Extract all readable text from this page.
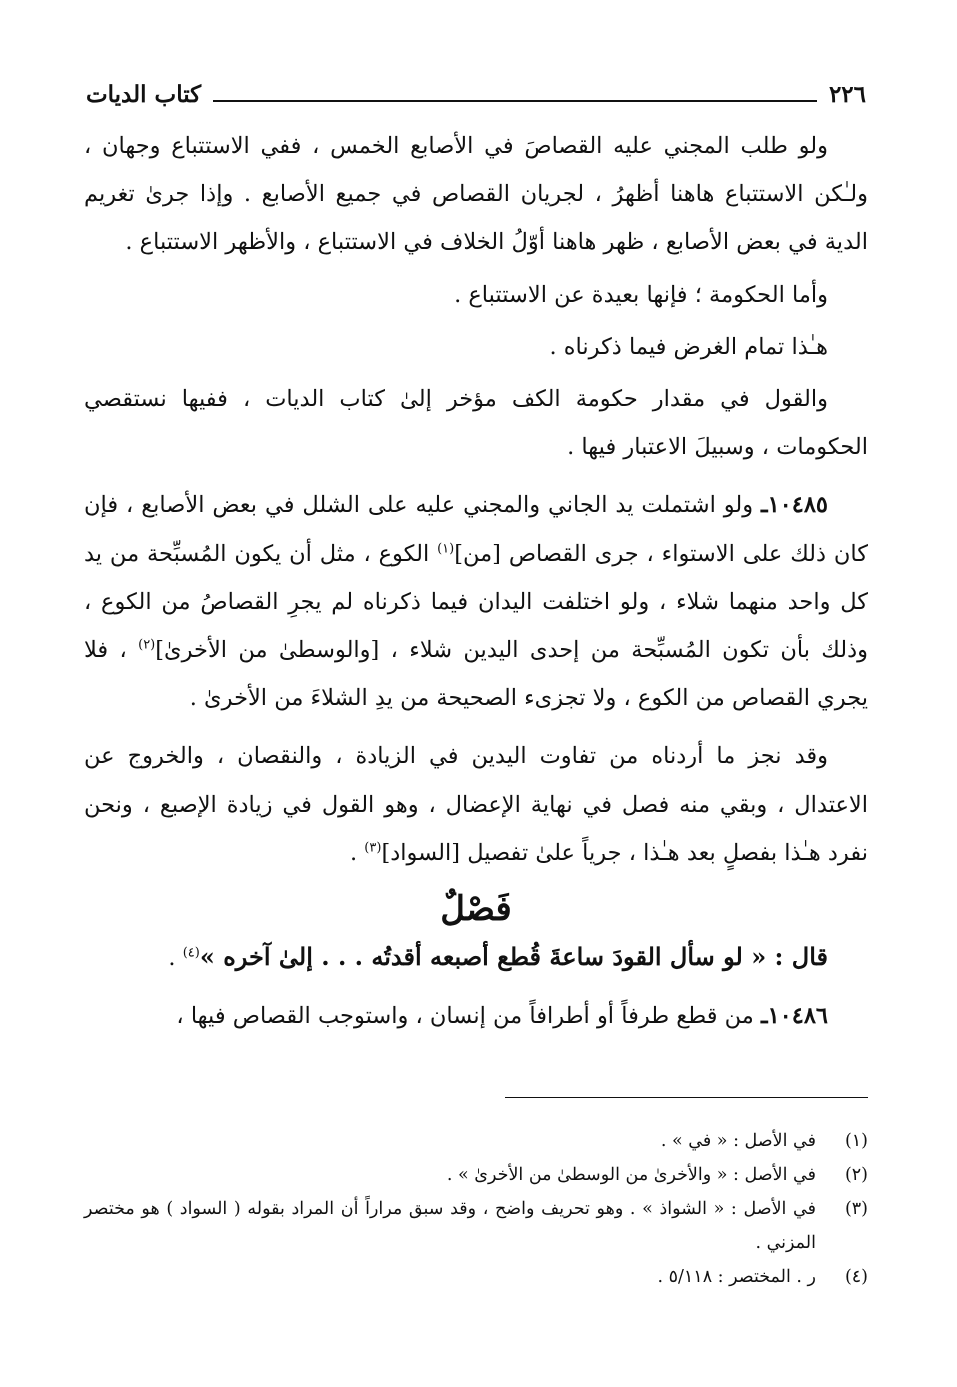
٢٢٦
كتاب الديات

ولو طلب المجني عليه القصاصَ في الأصابع الخمس ، ففي الاستتباع وجهان ، ولـٰكن الاستتباع هاهنا أظهرُ ، لجريان القصاص في جميع الأصابع . وإذا جرىٰ تغريم الدية في بعض الأصابع ، ظهر هاهنا أوّلُ الخلاف في الاستتباع ، والأظهر الاستتباع .

وأما الحكومة ؛ فإنها بعيدة عن الاستتباع .

هـٰذا تمام الغرض فيما ذكرناه .

والقول في مقدار حكومة الكف مؤخر إلىٰ كتاب الديات ، ففيها نستقصي الحكومات ، وسبيلَ الاعتبار فيها .

١٠٤٨٥ـ ولو اشتملت يد الجاني والمجني عليه على الشلل في بعض الأصابع ، فإن كان ذلك على الاستواء ، جرى القصاص [من]$^{(١)}$ الكوع ، مثل أن يكون المُسبِّحة من يد كل واحد منهما شلاء ، ولو اختلفت اليدان فيما ذكرناه لم يجرِ القصاصُ من الكوع ، وذلك بأن تكون المُسبِّحة من إحدى اليدين شلاء ، [والوسطىٰ من الأخرىٰ]$^{(٢)}$ ، فلا يجري القصاص من الكوع ، ولا تجزىء الصحيحة من يدِ الشلاءَ من الأخرىٰ .

وقد نجز ما أردناه من تفاوت اليدين في الزيادة ، والنقصان ، والخروج عن الاعتدال ، وبقي منه فصل في نهاية الإعضال ، وهو القول في زيادة الإصبع ، ونحن نفرد هـٰذا بفصلٍ بعد هـٰذا ، جرياً علىٰ تفصيل [السواد]$^{(٣)}$ .

فَصْلٌ

قال : « لو سأل القودَ ساعةَ قُطع أصبعه أقدتُه . . . إلىٰ آخره »$^{(٤)}$ .

١٠٤٨٦ـ من قطع طرفاً أو أطرافاً من إنسان ، واستوجب القصاص فيها ،

(١)
في الأصل : « في » .
(٢)
في الأصل : « والأخرىٰ من الوسطىٰ من الأخرىٰ » .
(٣)
في الأصل : « الشواذ » . وهو تحريف واضح ، وقد سبق مراراً أن المراد بقوله ( السواد ) هو مختصر المزني .
(٤)
ر . المختصر : ٥/١١٨ .
